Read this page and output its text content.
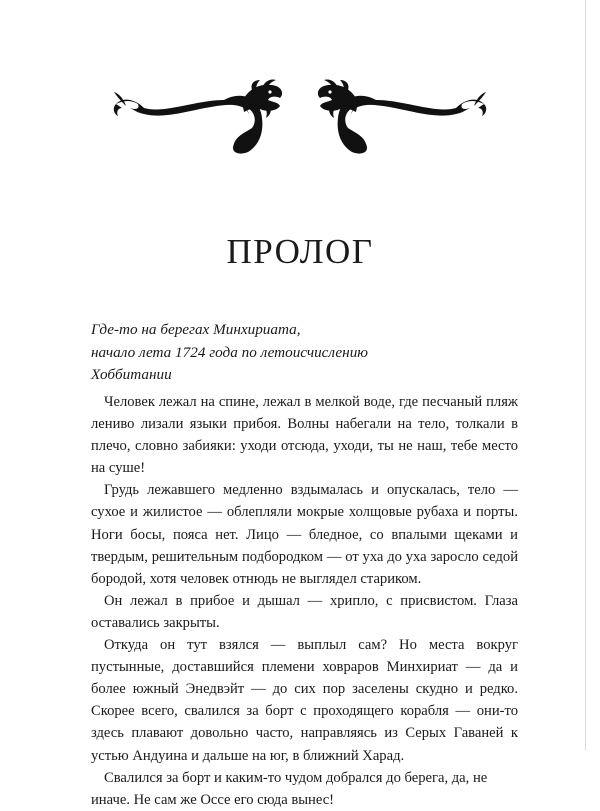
ПРОЛОГ
Где-то на берегах Минхириата,
начало лета 1724 года по летоисчислению
Хоббитании

Человек лежал на спине, лежал в мелкой воде, где песчаный пляж лениво лизали языки прибоя. Волны набегали на тело, толкали в плечо, словно забияки: уходи отсюда, уходи, ты не наш, тебе место на суше!

Грудь лежавшего медленно вздымалась и опускалась, тело — сухое и жилистое — облепляли мокрые холщовые рубаха и порты. Ноги босы, пояса нет. Лицо — бледное, со впалыми щеками и твердым, решительным подбородком — от уха до уха заросло седой бородой, хотя человек отнюдь не выглядел стариком.

Он лежал в прибое и дышал — хрипло, с присвистом. Глаза оставались закрыты.

Откуда он тут взялся — выплыл сам? Но места вокруг пустынные, доставшийся племени ховраров Минхириат — да и более южный Энедвэйт — до сих пор заселены скудно и редко. Скорее всего, свалился за борт с проходящего корабля — они-то здесь плавают довольно часто, направляясь из Серых Гаваней к устью Андуина и дальше на юг, в ближний Харад.

Свалился за борт и каким-то чудом добрался до берега, да, не иначе. Не сам же Оссе его сюда вынес!
